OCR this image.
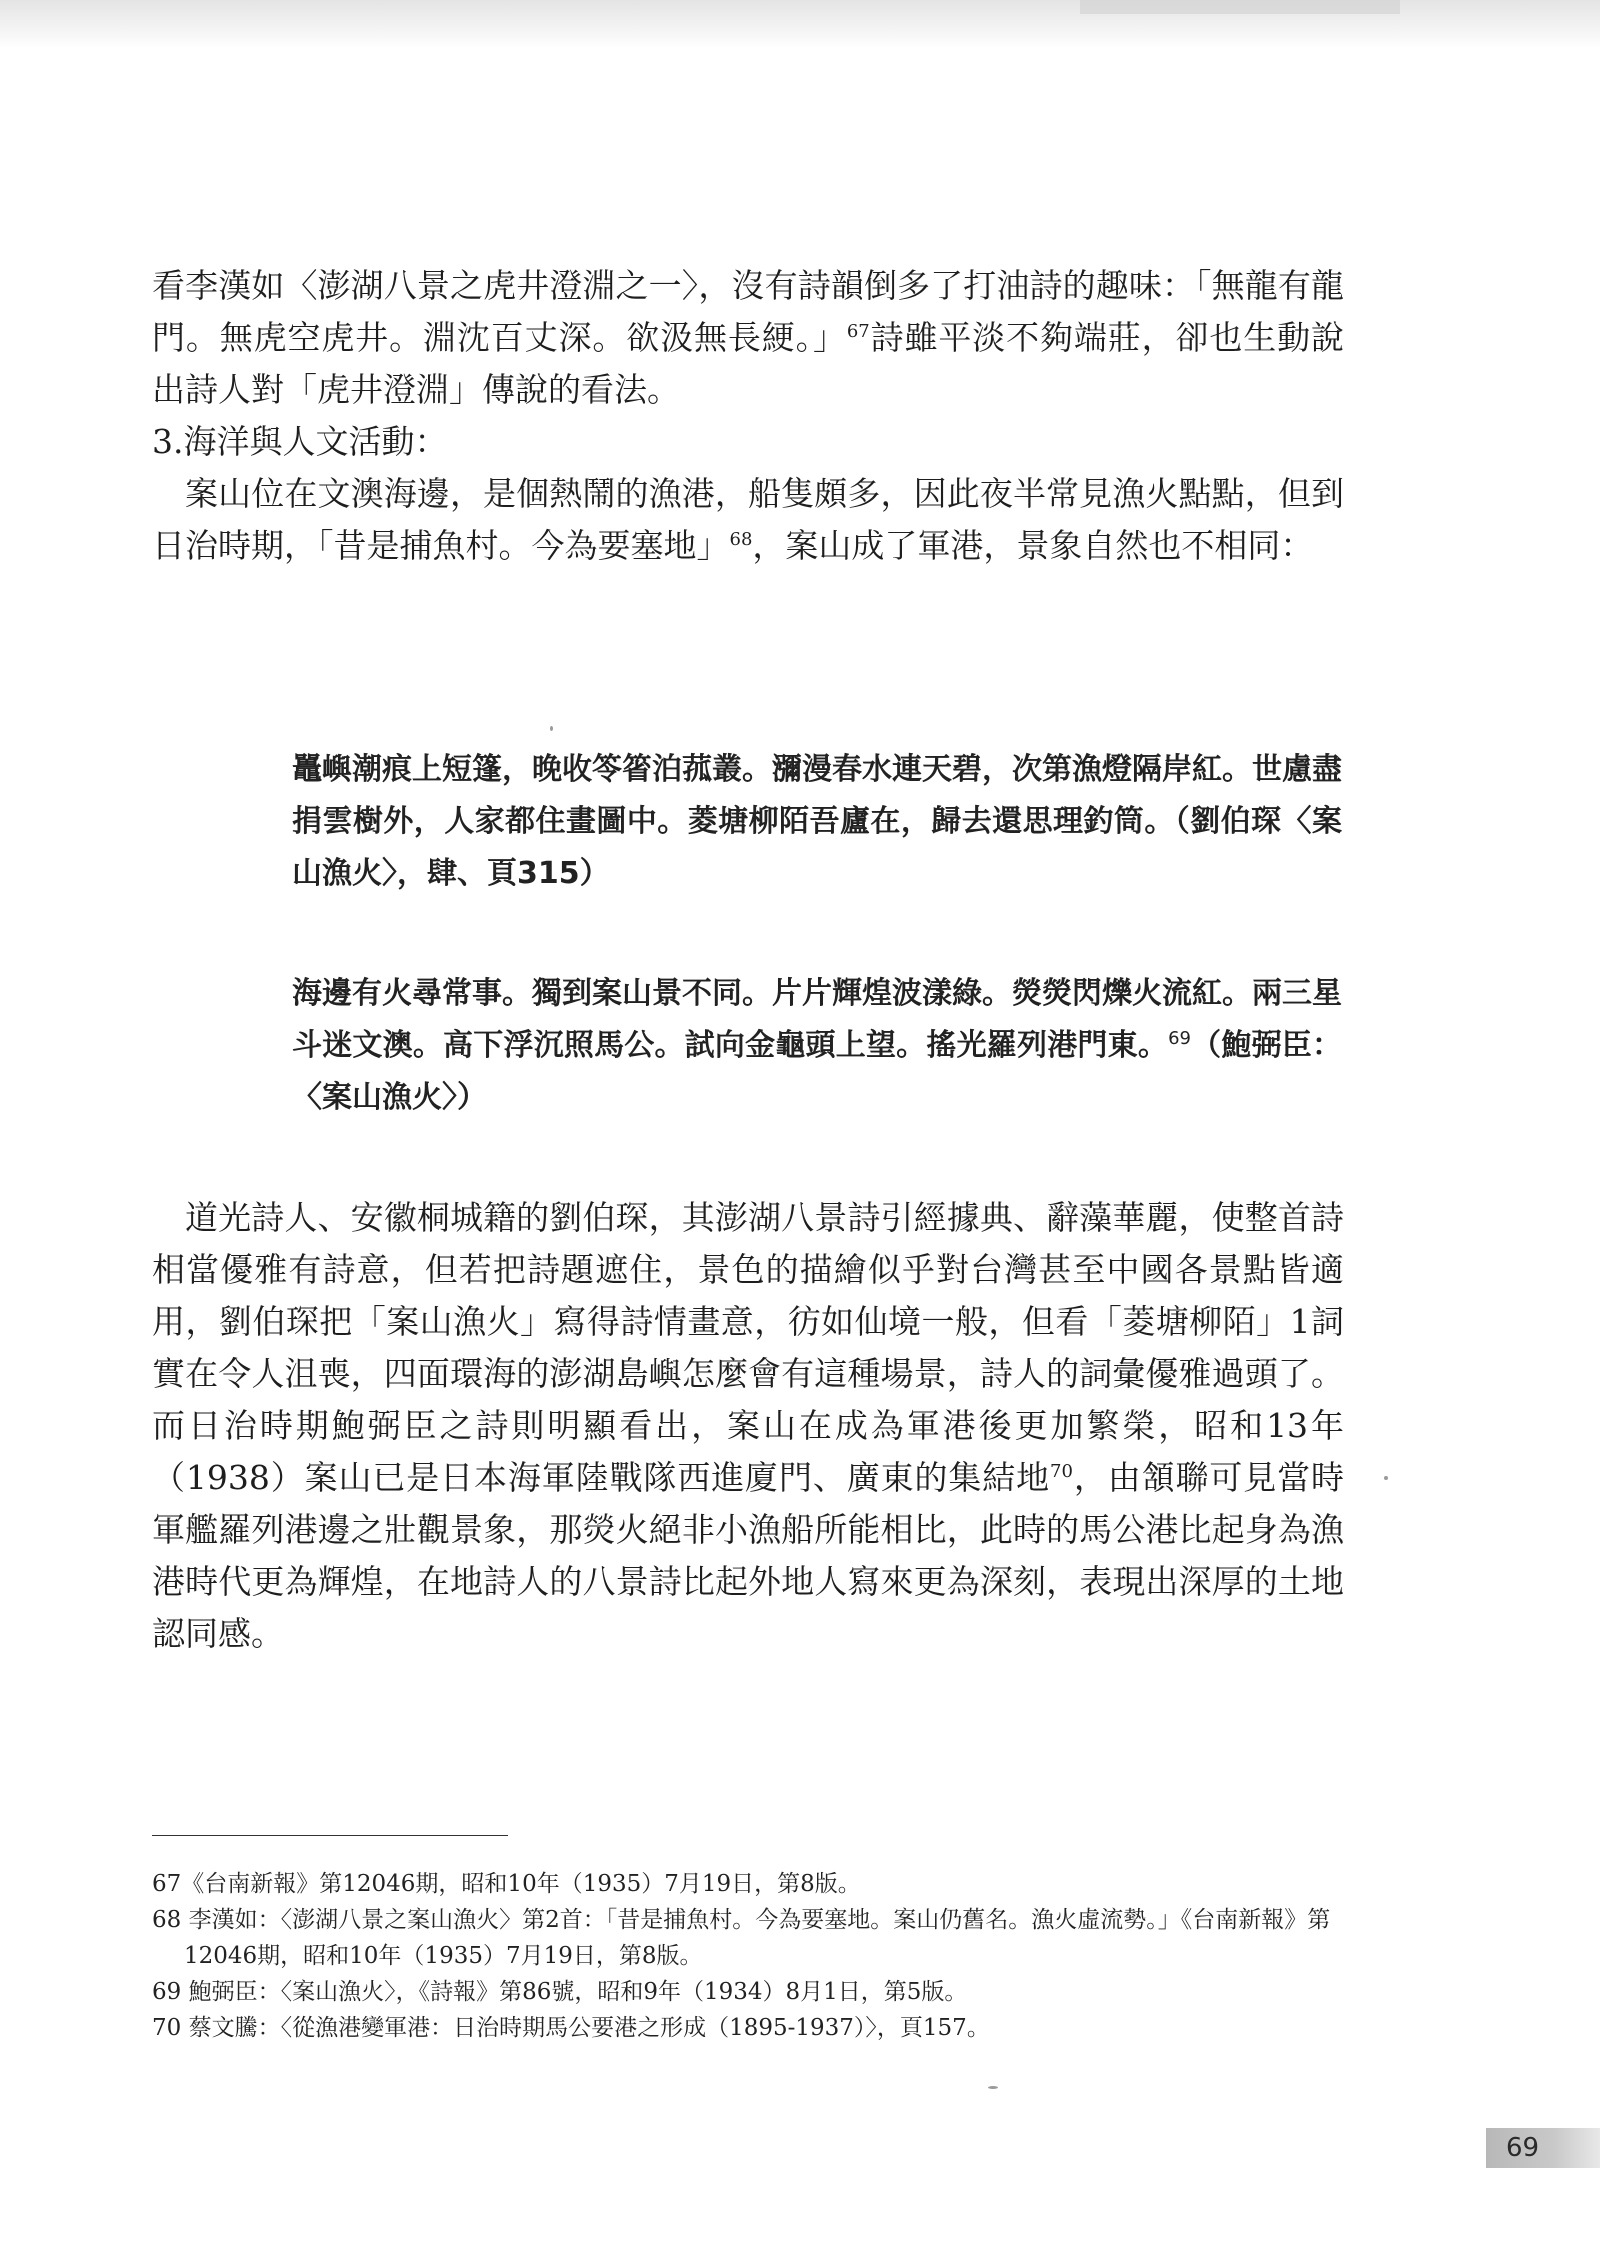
看李漢如〈澎湖八景之虎井澄淵之一〉，沒有詩韻倒多了打油詩的趣味：「無龍有龍門。無虎空虎井。淵沈百丈深。欲汲無長綆。」$^{67}$詩雖平淡不夠端莊，卻也生動說出詩人對「虎井澄淵」傳說的看法。

3.海洋與人文活動：

案山位在文澳海邊，是個熱鬧的漁港，船隻頗多，因此夜半常見漁火點點，但到日治時期，「昔是捕魚村。今為要塞地」$^{68}$，案山成了軍港，景象自然也不相同：

鼉嶼潮痕上短篷，晚收笭箵泊菰叢。瀰漫春水連天碧，次第漁燈隔岸紅。世慮盡捐雲樹外，人家都住畫圖中。菱塘柳陌吾廬在，歸去還思理釣筒。（劉伯琛〈案山漁火〉，肆、頁315）
海邊有火尋常事。獨到案山景不同。片片輝煌波漾綠。熒熒閃爍火流紅。兩三星斗迷文澳。高下浮沉照馬公。試向金龜頭上望。搖光羅列港門東。$^{69}$（鮑弼臣：〈案山漁火〉）
道光詩人、安徽桐城籍的劉伯琛，其澎湖八景詩引經據典、辭藻華麗，使整首詩相當優雅有詩意，但若把詩題遮住，景色的描繪似乎對台灣甚至中國各景點皆適用，劉伯琛把「案山漁火」寫得詩情畫意，彷如仙境一般，但看「菱塘柳陌」1詞實在令人沮喪，四面環海的澎湖島嶼怎麼會有這種場景，詩人的詞彙優雅過頭了。而日治時期鮑弼臣之詩則明顯看出，案山在成為軍港後更加繁榮，昭和13年（1938）案山已是日本海軍陸戰隊西進廈門、廣東的集結地$^{70}$，由頷聯可見當時軍艦羅列港邊之壯觀景象，那熒火絕非小漁船所能相比，此時的馬公港比起身為漁港時代更為輝煌，在地詩人的八景詩比起外地人寫來更為深刻，表現出深厚的土地認同感。

67《台南新報》第12046期，昭和10年（1935）7月19日，第8版。

68 李漢如：〈澎湖八景之案山漁火〉第2首：「昔是捕魚村。今為要塞地。案山仍舊名。漁火虛流勢。」《台南新報》第 12046期，昭和10年（1935）7月19日，第8版。

69 鮑弼臣：〈案山漁火〉，《詩報》第86號，昭和9年（1934）8月1日，第5版。

70 蔡文騰：〈從漁港變軍港：日治時期馬公要港之形成（1895-1937）〉，頁157。

69
